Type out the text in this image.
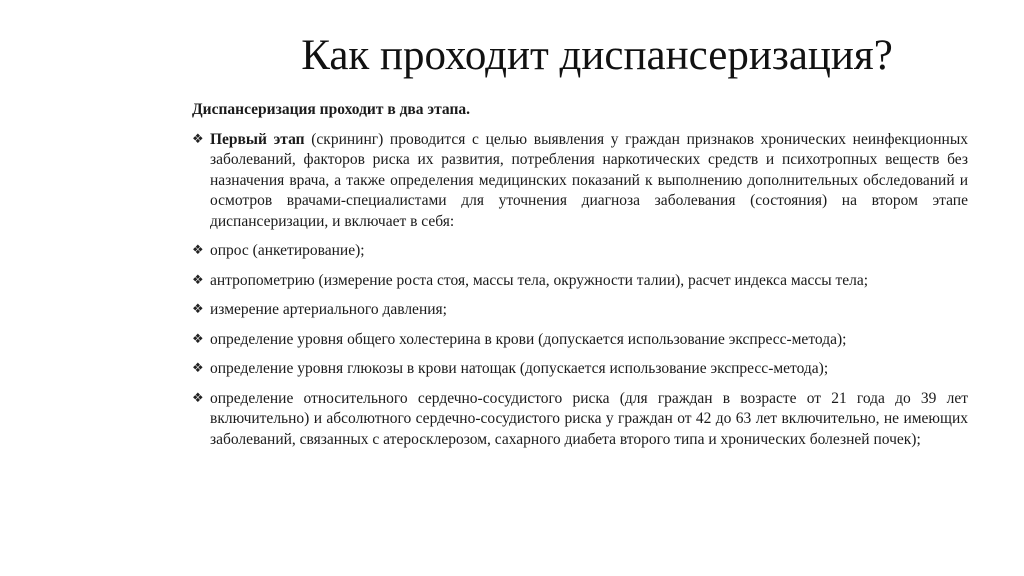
Как проходит диспансеризация?

Диспансеризация проходит в два этапа.

❖ Первый этап (скрининг) проводится с целью выявления у граждан признаков хронических неинфекционных заболеваний, факторов риска их развития, потребления наркотических средств и психотропных веществ без назначения врача, а также определения медицинских показаний к выполнению дополнительных обследований и осмотров врачами-специалистами для уточнения диагноза заболевания (состояния) на втором этапе диспансеризации, и включает в себя:
❖ опрос (анкетирование);
❖ антропометрию (измерение роста стоя, массы тела, окружности талии), расчет индекса массы тела;
❖ измерение артериального давления;
❖ определение уровня общего холестерина в крови (допускается использование экспресс-метода);
❖ определение уровня глюкозы в крови натощак (допускается использование экспресс-метода);
❖ определение относительного сердечно-сосудистого риска (для граждан в возрасте от 21 года до 39 лет включительно) и абсолютного сердечно-сосудистого риска у граждан от 42 до 63 лет включительно, не имеющих заболеваний, связанных с атеросклерозом, сахарного диабета второго типа и хронических болезней почек);
